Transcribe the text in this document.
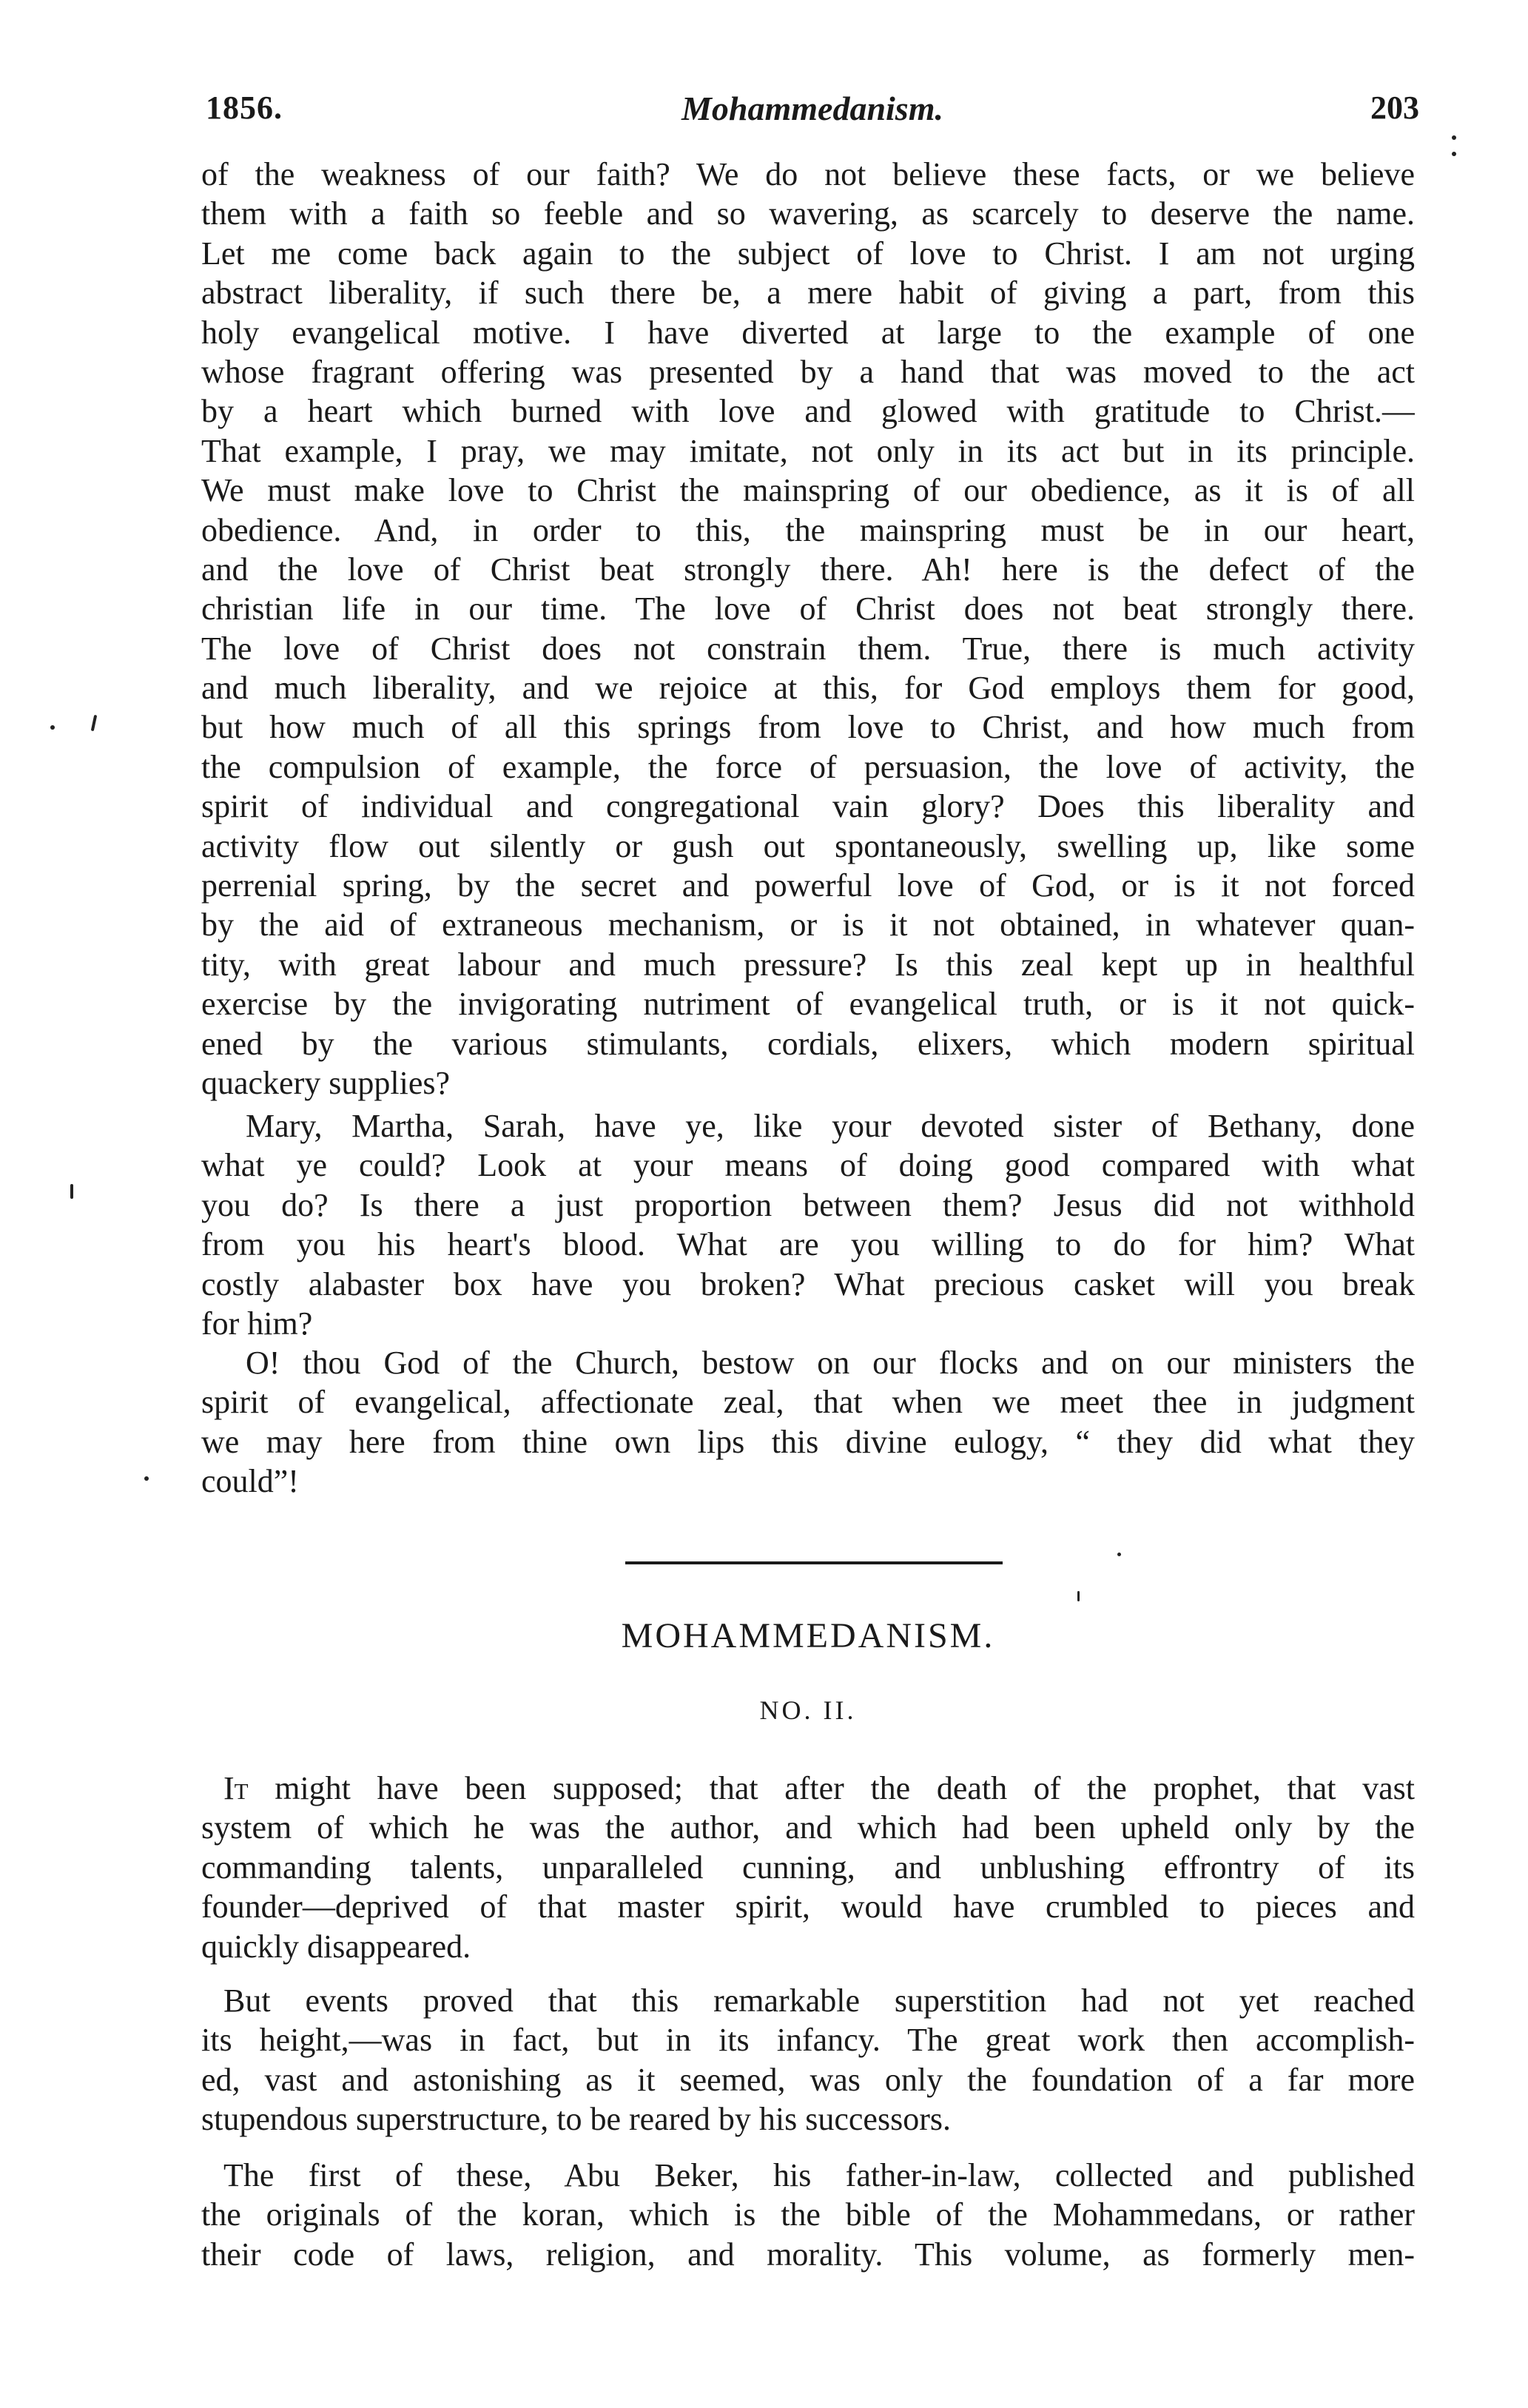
1856.	Mohammedanism.	203
of the weakness of our faith? We do not believe these facts, or we believe
them with a faith so feeble and so wavering, as scarcely to deserve the name.
Let me come back again to the subject of love to Christ. I am not urging
abstract liberality, if such there be, a mere habit of giving a part, from this
holy evangelical motive. I have diverted at large to the example of one
whose fragrant offering was presented by a hand that was moved to the act
by a heart which burned with love and glowed with gratitude to Christ.—
That example, I pray, we may imitate, not only in its act but in its principle.
We must make love to Christ the mainspring of our obedience, as it is of all
obedience. And, in order to this, the mainspring must be in our heart,
and the love of Christ beat strongly there. Ah! here is the defect of the
christian life in our time. The love of Christ does not beat strongly there.
The love of Christ does not constrain them. True, there is much activity
and much liberality, and we rejoice at this, for God employs them for good,
but how much of all this springs from love to Christ, and how much from
the compulsion of example, the force of persuasion, the love of activity, the
spirit of individual and congregational vain glory? Does this liberality and
activity flow out silently or gush out spontaneously, swelling up, like some
perrenial spring, by the secret and powerful love of God, or is it not forced
by the aid of extraneous mechanism, or is it not obtained, in whatever quan-
tity, with great labour and much pressure? Is this zeal kept up in healthful
exercise by the invigorating nutriment of evangelical truth, or is it not quick-
ened by the various stimulants, cordials, elixers, which modern spiritual
quackery supplies?
Mary, Martha, Sarah, have ye, like your devoted sister of Bethany, done
what ye could? Look at your means of doing good compared with what
you do? Is there a just proportion between them? Jesus did not withhold
from you his heart's blood. What are you willing to do for him? What
costly alabaster box have you broken? What precious casket will you break
for him?
O! thou God of the Church, bestow on our flocks and on our ministers the
spirit of evangelical, affectionate zeal, that when we meet thee in judgment
we may here from thine own lips this divine eulogy, “ they did what they
could”!
MOHAMMEDANISM.
NO. II.
It might have been supposed; that after the death of the prophet, that vast
system of which he was the author, and which had been upheld only by the
commanding talents, unparalleled cunning, and unblushing effrontry of its
founder—deprived of that master spirit, would have crumbled to pieces and
quickly disappeared.
But events proved that this remarkable superstition had not yet reached
its height,—was in fact, but in its infancy. The great work then accomplish-
ed, vast and astonishing as it seemed, was only the foundation of a far more
stupendous superstructure, to be reared by his successors.
The first of these, Abu Beker, his father-in-law, collected and published
the originals of the koran, which is the bible of the Mohammedans, or rather
their code of laws, religion, and morality. This volume, as formerly men-
